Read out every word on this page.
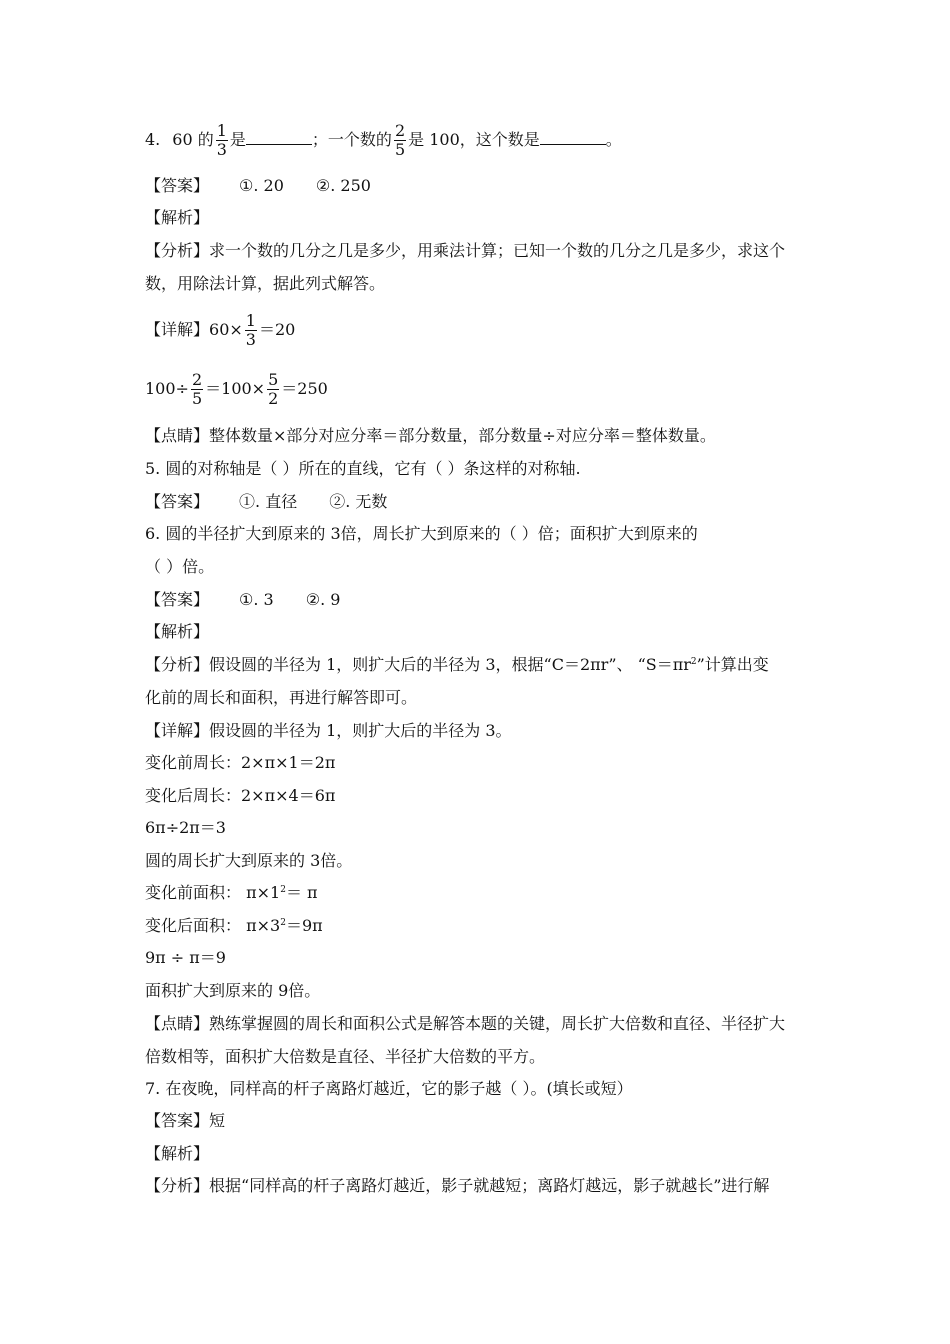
4. 60 的 $\frac{1}{3}$ 是	；一个数的 $\frac{2}{5}$ 是 100，这个数是	。
【答案】 ①. 20 ②. 250
【解析】
【分析】求一个数的几分之几是多少，用乘法计算；已知一个数的几分之几是多少，求这个
数，用除法计算，据此列式解答。
【详解】$60\times \frac{1}{3} =20$
$100\div \frac{2}{5} =100\times \frac{5}{2} =250$
【点睛】整体数量×部分对应分率＝部分数量，部分数量÷对应分率＝整体数量。
5. 圆的对称轴是（ ）所在的直线，它有（ ）条这样的对称轴.
【答案】 ①. 直径 ②. 无数
6. 圆的半径扩大到原来的 3倍，周长扩大到原来的（ ）倍；面积扩大到原来的
（ ）倍。
【答案】 ①. 3 ②. 9
【解析】
【分析】假设圆的半径为 1，则扩大后的半径为 3，根据“C＝2πr”、 “$S=\pi r^2$”计算出变
化前的周长和面积，再进行解答即可。
【详解】假设圆的半径为 1，则扩大后的半径为 3。
变化前周长：2×π×1＝2π
变化后周长：2×π×4＝6π
6π÷2π＝3
圆的周长扩大到原来的 3倍。
变化前面积： $\pi\times 1^2= \pi$
变化后面积： $\pi\times 3^2=9\pi$
9π ÷ π＝9
面积扩大到原来的 9倍。
【点睛】熟练掌握圆的周长和面积公式是解答本题的关键，周长扩大倍数和直径、半径扩大
倍数相等，面积扩大倍数是直径、半径扩大倍数的平方。
7. 在夜晚，同样高的杆子离路灯越近，它的影子越（ ）。(填长或短）
【答案】短
【解析】
【分析】根据“同样高的杆子离路灯越近，影子就越短；离路灯越远，影子就越长”进行解
